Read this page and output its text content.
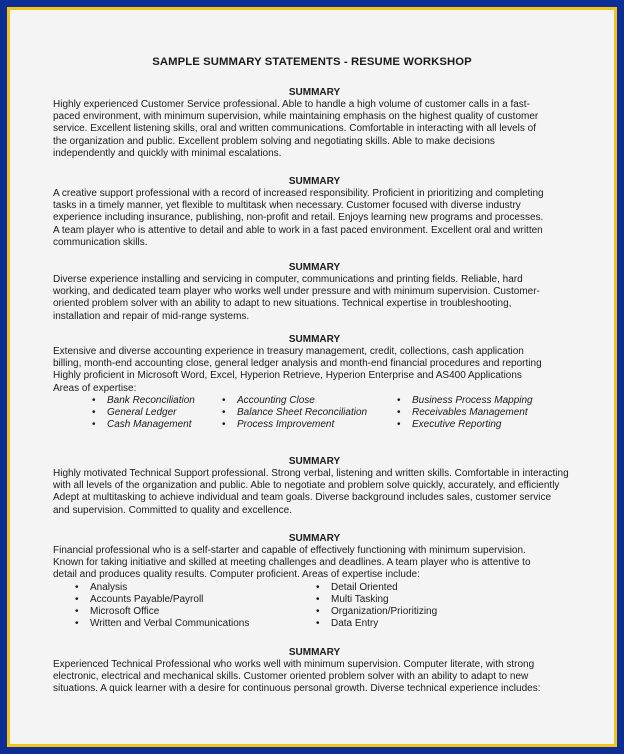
SAMPLE SUMMARY STATEMENTS - RESUME WORKSHOP
SUMMARY
Highly experienced Customer Service professional. Able to handle a high volume of customer calls in a fast-
paced environment, with minimum supervision, while maintaining emphasis on the highest quality of customer
service. Excellent listening skills, oral and written communications. Comfortable in interacting with all levels of
the organization and public. Excellent problem solving and negotiating skills. Able to make decisions
independently and quickly with minimal escalations.
SUMMARY
A creative support professional with a record of increased responsibility. Proficient in prioritizing and completing
tasks in a timely manner, yet flexible to multitask when necessary. Customer focused with diverse industry
experience including insurance, publishing, non-profit and retail. Enjoys learning new programs and processes.
A team player who is attentive to detail and able to work in a fast paced environment. Excellent oral and written
communication skills.
SUMMARY
Diverse experience installing and servicing in computer, communications and printing fields. Reliable, hard
working, and dedicated team player who works well under pressure and with minimum supervision. Customer-
oriented problem solver with an ability to adapt to new situations. Technical expertise in troubleshooting,
installation and repair of mid-range systems.
SUMMARY
Extensive and diverse accounting experience in treasury management, credit, collections, cash application
billing, month-end accounting close, general ledger analysis and month-end financial procedures and reporting
Highly proficient in Microsoft Word, Excel, Hyperion Retrieve, Hyperion Enterprise and AS400 Applications
Areas of expertise:
• Bank Reconciliation
• General Ledger
• Cash Management
• Accounting Close
• Balance Sheet Reconciliation
• Process Improvement
• Business Process Mapping
• Receivables Management
• Executive Reporting
SUMMARY
Highly motivated Technical Support professional. Strong verbal, listening and written skills. Comfortable in interacting
with all levels of the organization and public. Able to negotiate and problem solve quickly, accurately, and efficiently
Adept at multitasking to achieve individual and team goals. Diverse background includes sales, customer service
and supervision. Committed to quality and excellence.
SUMMARY
Financial professional who is a self-starter and capable of effectively functioning with minimum supervision.
Known for taking initiative and skilled at meeting challenges and deadlines. A team player who is attentive to
detail and produces quality results. Computer proficient. Areas of expertise include:
• Analysis
• Accounts Payable/Payroll
• Microsoft Office
• Written and Verbal Communications
• Detail Oriented
• Multi Tasking
• Organization/Prioritizing
• Data Entry
SUMMARY
Experienced Technical Professional who works well with minimum supervision. Computer literate, with strong
electronic, electrical and mechanical skills. Customer oriented problem solver with an ability to adapt to new
situations. A quick learner with a desire for continuous personal growth. Diverse technical experience includes:
